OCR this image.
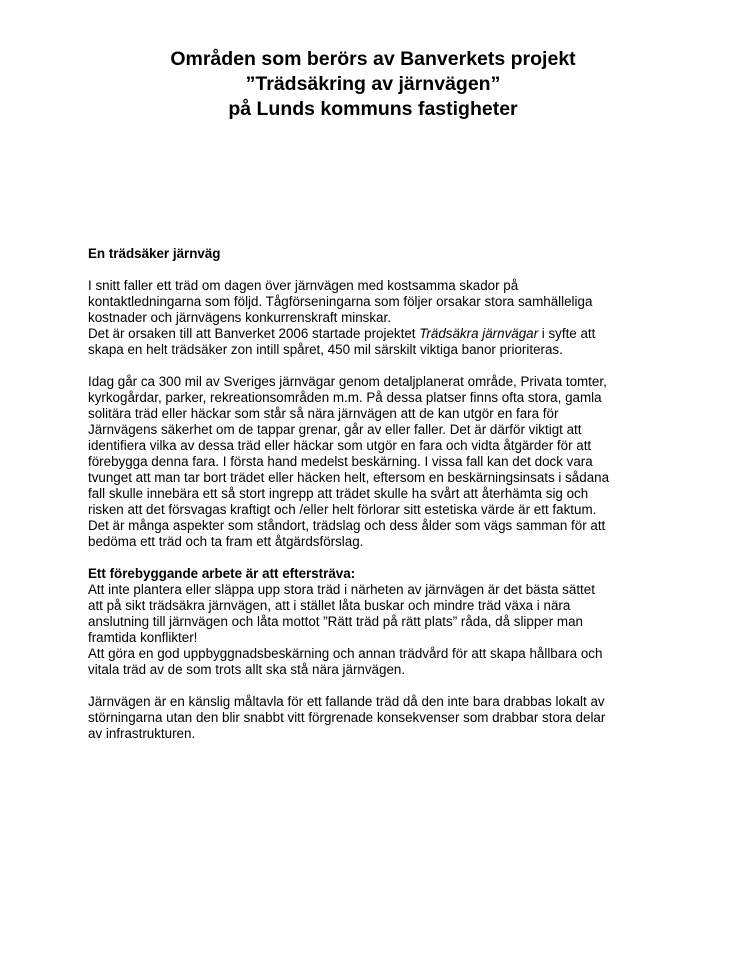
Områden som berörs av Banverkets projekt
”Trädsäkring av järnvägen”
på Lunds kommuns fastigheter
En trädsäker järnväg
I snitt faller ett träd om dagen över järnvägen med kostsamma skador på
kontaktledningarna som följd. Tågförseningarna som följer orsakar stora samhälleliga
kostnader och järnvägens konkurrenskraft minskar.
Det är orsaken till att Banverket 2006 startade projektet Trädsäkra järnvägar i syfte att
skapa en helt trädsäker zon intill spåret, 450 mil särskilt viktiga banor prioriteras.
Idag går ca 300 mil av Sveriges järnvägar genom detaljplanerat område, Privata tomter,
kyrkogårdar, parker, rekreationsområden m.m. På dessa platser finns ofta stora, gamla
solitära träd eller häckar som står så nära järnvägen att de kan utgör en fara för
Järnvägens säkerhet om de tappar grenar, går av eller faller. Det är därför viktigt att
identifiera vilka av dessa träd eller häckar som utgör en fara och vidta åtgärder för att
förebygga denna fara. I första hand medelst beskärning. I vissa fall kan det dock vara
tvunget att man tar bort trädet eller häcken helt, eftersom en beskärningsinsats i sådana
fall skulle innebära ett så stort ingrepp att trädet skulle ha svårt att återhämta sig och
risken att det försvagas kraftigt och /eller helt förlorar sitt estetiska värde är ett faktum.
Det är många aspekter som ståndort, trädslag och dess ålder som vägs samman för att
bedöma ett träd och ta fram ett åtgärdsförslag.
Ett förebyggande arbete är att eftersträva:
Att inte plantera eller släppa upp stora träd i närheten av järnvägen är det bästa sättet
att på sikt trädsäkra järnvägen, att i stället låta buskar och mindre träd växa i nära
anslutning till järnvägen och låta mottot ”Rätt träd på rätt plats” råda, då slipper man
framtida konflikter!
Att göra en god uppbyggnadsbeskärning och annan trädvård för att skapa hållbara och
vitala träd av de som trots allt ska stå nära järnvägen.
Järnvägen är en känslig måltavla för ett fallande träd då den inte bara drabbas lokalt av
störningarna utan den blir snabbt vitt förgrenade konsekvenser som drabbar stora delar
av infrastrukturen.
